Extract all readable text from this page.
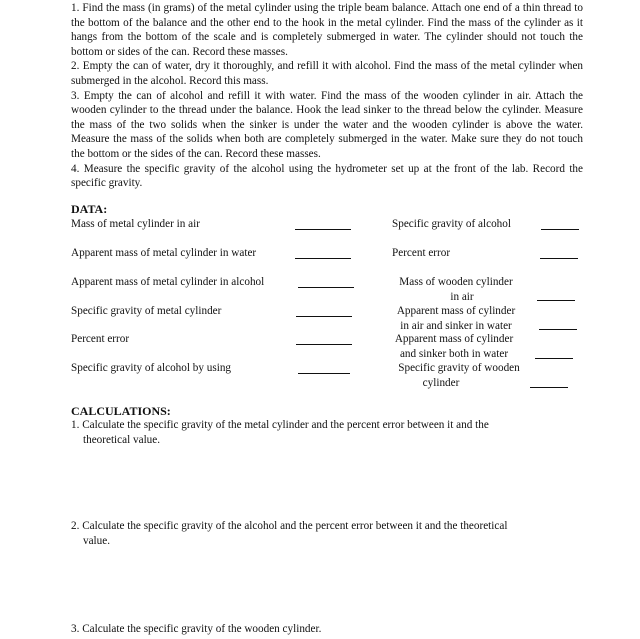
1. Find the mass (in grams) of the metal cylinder using the triple beam balance. Attach one end of a thin thread to the bottom of the balance and the other end to the hook in the metal cylinder. Find the mass of the cylinder as it hangs from the bottom of the scale and is completely submerged in water. The cylinder should not touch the bottom or sides of the can. Record these masses.

2. Empty the can of water, dry it thoroughly, and refill it with alcohol. Find the mass of the metal cylinder when submerged in the alcohol. Record this mass.

3. Empty the can of alcohol and refill it with water. Find the mass of the wooden cylinder in air. Attach the wooden cylinder to the thread under the balance. Hook the lead sinker to the thread below the cylinder. Measure the mass of the two solids when the sinker is under the water and the wooden cylinder is above the water. Measure the mass of the solids when both are completely submerged in the water. Make sure they do not touch the bottom or the sides of the can. Record these masses.

4. Measure the specific gravity of the alcohol using the hydrometer set up at the front of the lab. Record the specific gravity.

DATA:
Mass of metal cylinder in air
Apparent mass of metal cylinder in water
Apparent mass of metal cylinder in alcohol
Specific gravity of metal cylinder
Percent error
Specific gravity of alcohol by using
Specific gravity of alcohol
Percent error
Mass of wooden cylinder
in air
Apparent mass of cylinder
in air and sinker in water
Apparent mass of cylinder
and sinker both in water
Specific gravity of wooden
cylinder
CALCULATIONS:
1. Calculate the specific gravity of the metal cylinder and the percent error between it and the
theoretical value.
2. Calculate the specific gravity of the alcohol and the percent error between it and the theoretical
value.
3. Calculate the specific gravity of the wooden cylinder.
